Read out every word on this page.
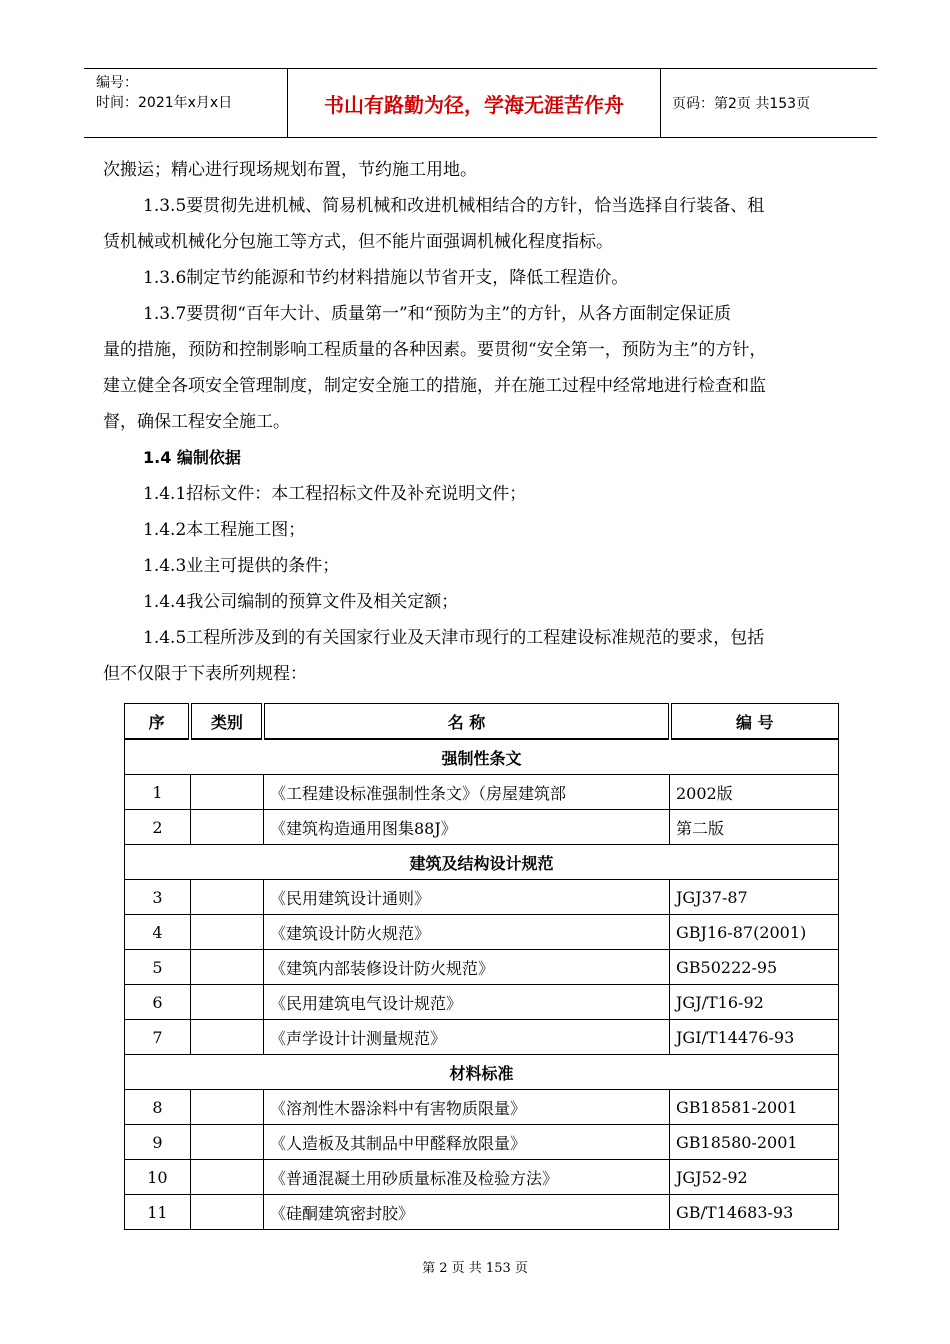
编号：
时间：2021年x月x日	书山有路勤为径，学海无涯苦作舟	页码：第2页 共153页

次搬运；精心进行现场规划布置，节约施工用地。

1.3.5要贯彻先进机械、简易机械和改进机械相结合的方针，恰当选择自行装备、租

赁机械或机械化分包施工等方式，但不能片面强调机械化程度指标。

1.3.6制定节约能源和节约材料措施以节省开支，降低工程造价。

1.3.7要贯彻“百年大计、质量第一”和“预防为主”的方针，从各方面制定保证质

量的措施，预防和控制影响工程质量的各种因素。要贯彻“安全第一，预防为主”的方针，

建立健全各项安全管理制度，制定安全施工的措施，并在施工过程中经常地进行检查和监

督，确保工程安全施工。

1.4 编制依据

1.4.1招标文件：本工程招标文件及补充说明文件；

1.4.2本工程施工图；

1.4.3业主可提供的条件；

1.4.4我公司编制的预算文件及相关定额；

1.4.5工程所涉及到的有关国家行业及天津市现行的工程建设标准规范的要求，包括

但不仅限于下表所列规程：

序	类别	名 称	编 号
强制性条文			
1		《工程建设标准强制性条文》（房屋建筑部	2002版
2		《建筑构造通用图集88J》	第二版
建筑及结构设计规范			
3		《民用建筑设计通则》	JGJ37-87
4		《建筑设计防火规范》	GBJ16-87(2001)
5		《建筑内部装修设计防火规范》	GB50222-95
6		《民用建筑电气设计规范》	JGJ/T16-92
7		《声学设计计测量规范》	JGI/T14476-93
材料标准			
8		《溶剂性木器涂料中有害物质限量》	GB18581-2001
9		《人造板及其制品中甲醛释放限量》	GB18580-2001
10		《普通混凝土用砂质量标准及检验方法》	JGJ52-92
11		《硅酮建筑密封胶》	GB/T14683-93
第 2 页 共 153 页
